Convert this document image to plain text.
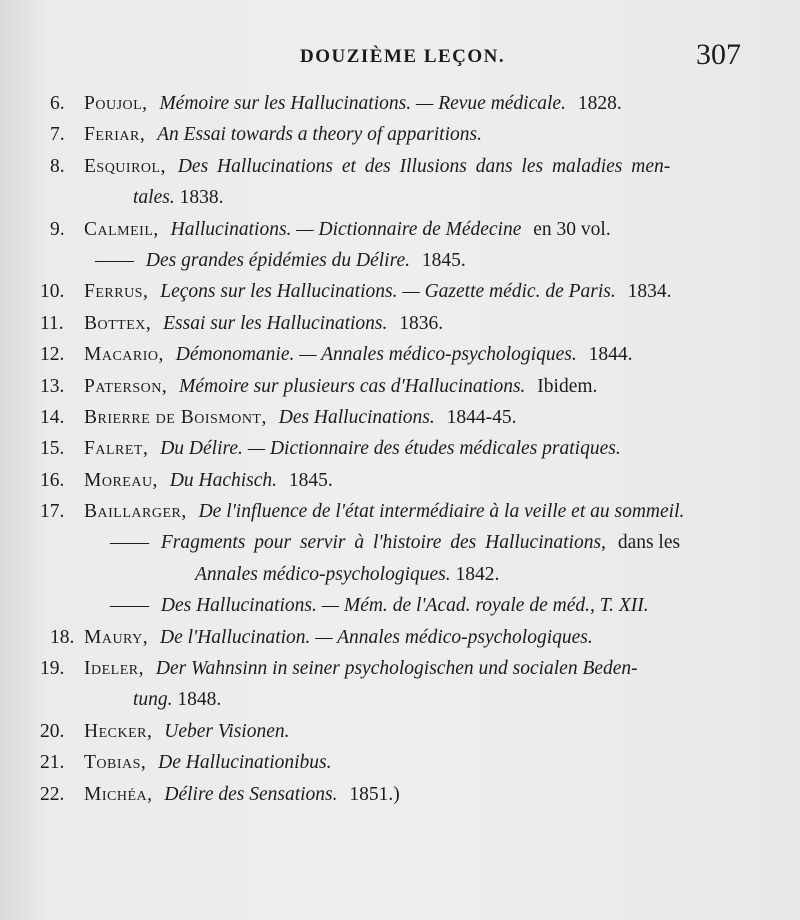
DOUZIÈME LEÇON.	307
6. Poujol, Mémoire sur les Hallucinations. — Revue médicale. 1828.
7. Feriar, An Essai towards a theory of apparitions.
8. Esquirol, Des Hallucinations et des Illusions dans les maladies men-
tales. 1838.
9. Calmeil, Hallucinations. — Dictionnaire de Médecine en 30 vol.
—— Des grandes épidémies du Délire. 1845.
10. Ferrus, Leçons sur les Hallucinations. — Gazette médic. de Paris. 1834.
11. Bottex, Essai sur les Hallucinations. 1836.
12. Macario, Démonomanie. — Annales médico-psychologiques. 1844.
13. Paterson, Mémoire sur plusieurs cas d'Hallucinations. Ibidem.
14. Brierre de Boismont, Des Hallucinations. 1844-45.
15. Falret, Du Délire. — Dictionnaire des études médicales pratiques.
16. Moreau, Du Hachisch. 1845.
17. Baillarger, De l'influence de l'état intermédiaire à la veille et au sommeil.
—— Fragments pour servir à l'histoire des Hallucinations, dans les
Annales médico-psychologiques. 1842.
—— Des Hallucinations. — Mém. de l'Acad. royale de méd., T. XII.
18. Maury, De l'Hallucination. — Annales médico-psychologiques.
19. Ideler, Der Wahnsinn in seiner psychologischen und socialen Beden-
tung. 1848.
20. Hecker, Ueber Visionen.
21. Tobias, De Hallucinationibus.
22. Michéa, Délire des Sensations. 1851.)
